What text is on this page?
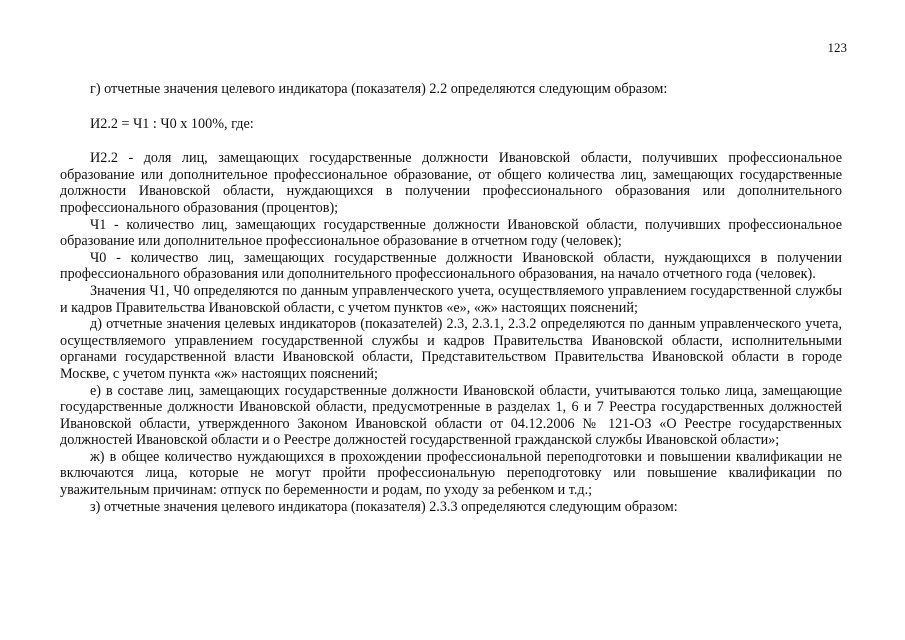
123

г) отчетные значения целевого индикатора (показателя) 2.2 определяются следующим образом:

И2.2 = Ч1 : Ч0 х 100%, где:

И2.2 - доля лиц, замещающих государственные должности Ивановской области, получивших профессиональное образование или дополнительное профессиональное образование, от общего количества лиц, замещающих государственные должности Ивановской области, нуждающихся в получении профессионального образования или дополнительного профессионального образования (процентов);

Ч1 - количество лиц, замещающих государственные должности Ивановской области, получивших профессиональное образование или дополнительное профессиональное образование в отчетном году (человек);

Ч0 - количество лиц, замещающих государственные должности Ивановской области, нуждающихся в получении профессионального образования или дополнительного профессионального образования, на начало отчетного года (человек).

Значения Ч1, Ч0 определяются по данным управленческого учета, осуществляемого управлением государственной службы и кадров Правительства Ивановской области, с учетом пунктов «е», «ж» настоящих пояснений;

д) отчетные значения целевых индикаторов (показателей) 2.3, 2.3.1, 2.3.2 определяются по данным управленческого учета, осуществляемого управлением государственной службы и кадров Правительства Ивановской области, исполнительными органами государственной власти Ивановской области, Представительством Правительства Ивановской области в городе Москве, с учетом пункта «ж» настоящих пояснений;

е) в составе лиц, замещающих государственные должности Ивановской области, учитываются только лица, замещающие государственные должности Ивановской области, предусмотренные в разделах 1, 6 и 7 Реестра государственных должностей Ивановской области, утвержденного Законом Ивановской области от 04.12.2006 № 121-ОЗ «О Реестре государственных должностей Ивановской области и о Реестре должностей государственной гражданской службы Ивановской области»;

ж) в общее количество нуждающихся в прохождении профессиональной переподготовки и повышении квалификации не включаются лица, которые не могут пройти профессиональную переподготовку или повышение квалификации по уважительным причинам: отпуск по беременности и родам, по уходу за ребенком и т.д.;

з) отчетные значения целевого индикатора (показателя) 2.3.3 определяются следующим образом:
